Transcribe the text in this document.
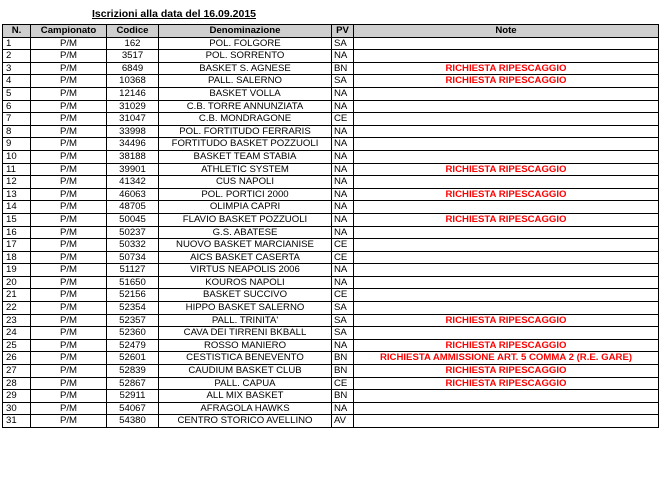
Iscrizioni alla data del 16.09.2015
N.	Campionato	Codice	Denominazione	PV	Note
1	P/M	162	POL. FOLGORE	SA	
2	P/M	3517	POL. SORRENTO	NA	
3	P/M	6849	BASKET S. AGNESE	BN	RICHIESTA RIPESCAGGIO
4	P/M	10368	PALL. SALERNO	SA	RICHIESTA RIPESCAGGIO
5	P/M	12146	BASKET VOLLA	NA	
6	P/M	31029	C.B. TORRE ANNUNZIATA	NA	
7	P/M	31047	C.B. MONDRAGONE	CE	
8	P/M	33998	POL. FORTITUDO FERRARIS	NA	
9	P/M	34496	FORTITUDO BASKET POZZUOLI	NA	
10	P/M	38188	BASKET TEAM STABIA	NA	
11	P/M	39901	ATHLETIC SYSTEM	NA	RICHIESTA RIPESCAGGIO
12	P/M	41342	CUS NAPOLI	NA	
13	P/M	46063	POL. PORTICI 2000	NA	RICHIESTA RIPESCAGGIO
14	P/M	48705	OLIMPIA CAPRI	NA	
15	P/M	50045	FLAVIO BASKET POZZUOLI	NA	RICHIESTA RIPESCAGGIO
16	P/M	50237	G.S. ABATESE	NA	
17	P/M	50332	NUOVO BASKET MARCIANISE	CE	
18	P/M	50734	AICS BASKET CASERTA	CE	
19	P/M	51127	VIRTUS NEAPOLIS 2006	NA	
20	P/M	51650	KOUROS NAPOLI	NA	
21	P/M	52156	BASKET SUCCIVO	CE	
22	P/M	52354	HIPPO BASKET SALERNO	SA	
23	P/M	52357	PALL. TRINITA'	SA	RICHIESTA RIPESCAGGIO
24	P/M	52360	CAVA DEI TIRRENI BKBALL	SA	
25	P/M	52479	ROSSO MANIERO	NA	RICHIESTA RIPESCAGGIO
26	P/M	52601	CESTISTICA BENEVENTO	BN	RICHIESTA AMMISSIONE ART. 5 COMMA 2 (R.E. GARE)
27	P/M	52839	CAUDIUM BASKET CLUB	BN	RICHIESTA RIPESCAGGIO
28	P/M	52867	PALL. CAPUA	CE	RICHIESTA RIPESCAGGIO
29	P/M	52911	ALL MIX BASKET	BN	
30	P/M	54067	AFRAGOLA HAWKS	NA	
31	P/M	54380	CENTRO STORICO AVELLINO	AV	
